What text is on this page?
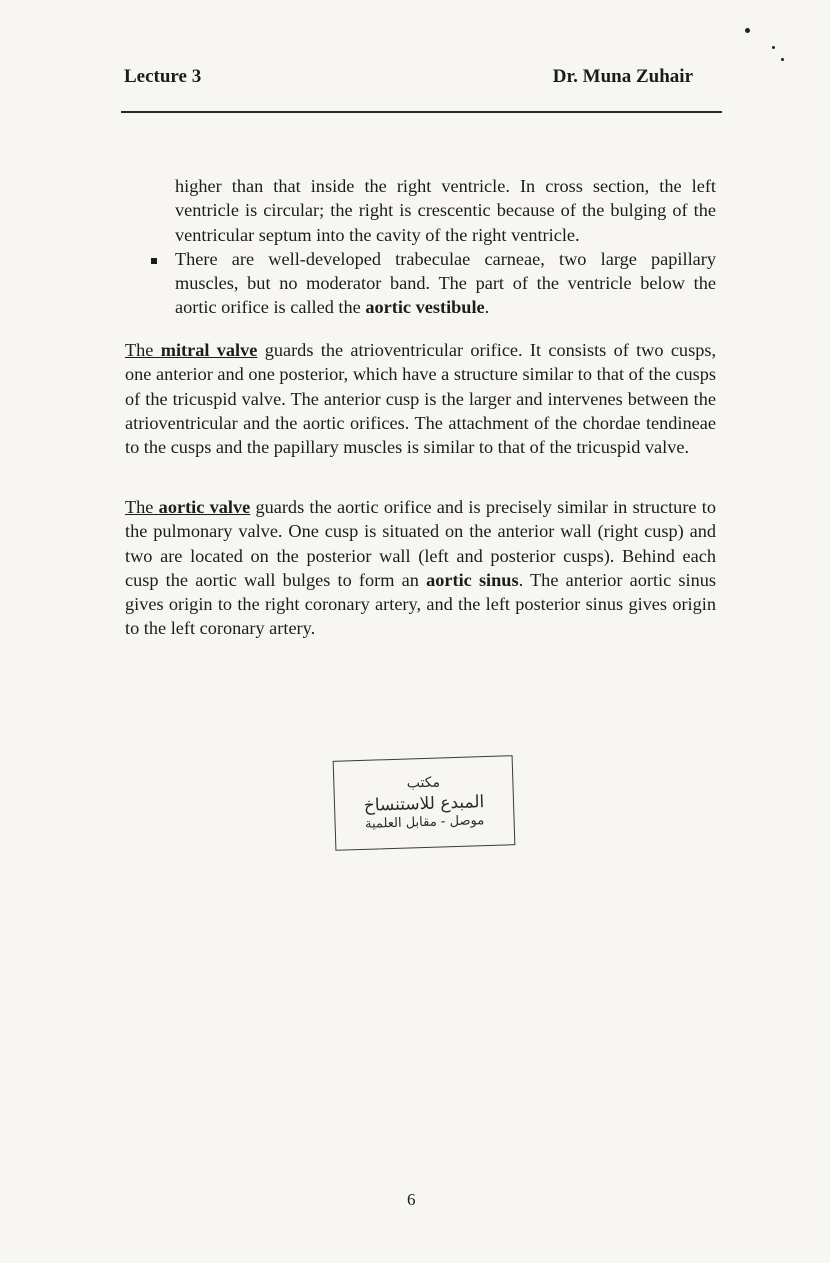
Lecture 3	Dr. Muna Zuhair

higher than that inside the right ventricle. In cross section, the left ventricle is circular; the right is crescentic because of the bulging of the ventricular septum into the cavity of the right ventricle.

There are well-developed trabeculae carneae, two large papillary muscles, but no moderator band. The part of the ventricle below the aortic orifice is called the aortic vestibule.

The mitral valve guards the atrioventricular orifice. It consists of two cusps, one anterior and one posterior, which have a structure similar to that of the cusps of the tricuspid valve. The anterior cusp is the larger and intervenes between the atrioventricular and the aortic orifices. The attachment of the chordae tendineae to the cusps and the papillary muscles is similar to that of the tricuspid valve.

The aortic valve guards the aortic orifice and is precisely similar in structure to the pulmonary valve. One cusp is situated on the anterior wall (right cusp) and two are located on the posterior wall (left and posterior cusps). Behind each cusp the aortic wall bulges to form an aortic sinus. The anterior aortic sinus gives origin to the right coronary artery, and the left posterior sinus gives origin to the left coronary artery.

مكتب
المبدع للاستنساخ
موصل - مقابل العلمية
6
